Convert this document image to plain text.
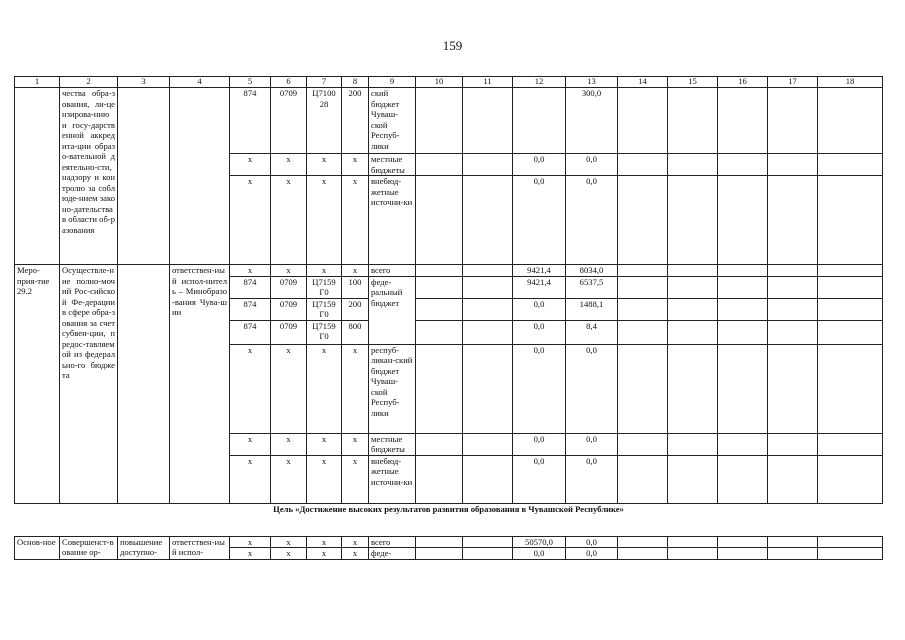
159
1	2	3	4	5	6	7	8	9	10	11	12	13	14	15	16	17	18
	чества обра-зования, ли-цензирова-нию и госу-дарственной аккредита-ции образо-вательной деятельно-сти, надзору и контролю за соблюде-нием законо-дательства в области об-разования			874	0709	Ц7100 28	200	ский бюджет Чуваш-ской Респуб-лики				300,0					
				х	х	х	х	местные бюджеты			0,0	0,0					
				х	х	х	х	внебюд-жетные источни-ки			0,0	0,0					
Меро-прия-тие 29.2	Осуществле-ние полно-мочий Рос-сийской Фе-дерации в сфере обра-зования за счет субвен-ции, предос-тавляемой из федерально-го бюджета		ответствен-ный испол-нитель – Минобразо-вания Чува-шии	х	х	х	х	всего			9421,4	8034,0					
				874	0709	Ц7159 Г0	100	феде-ральный бюджет			9421,4	6537,5					
				874	0709	Ц7159 Г0	200				0,0	1488,1					
				874	0709	Ц7159 Г0	800				0,0	8,4					
				х	х	х	х	респуб-ликан-ский бюджет Чуваш-ской Респуб-лики			0,0	0,0					
				х	х	х	х	местные бюджеты			0,0	0,0					
				х	х	х	х	внебюд-жетные источни-ки			0,0	0,0					
Цель «Достижение высоких результатов развития образования в Чувашской Республике»																	
Основ-ное	Совершенст-вование ор-	повышение доступно-	ответствен-ный испол-	х	х	х	х	всего			50570,0	0,0					
				х	х	х	х	феде-			0,0	0,0					
